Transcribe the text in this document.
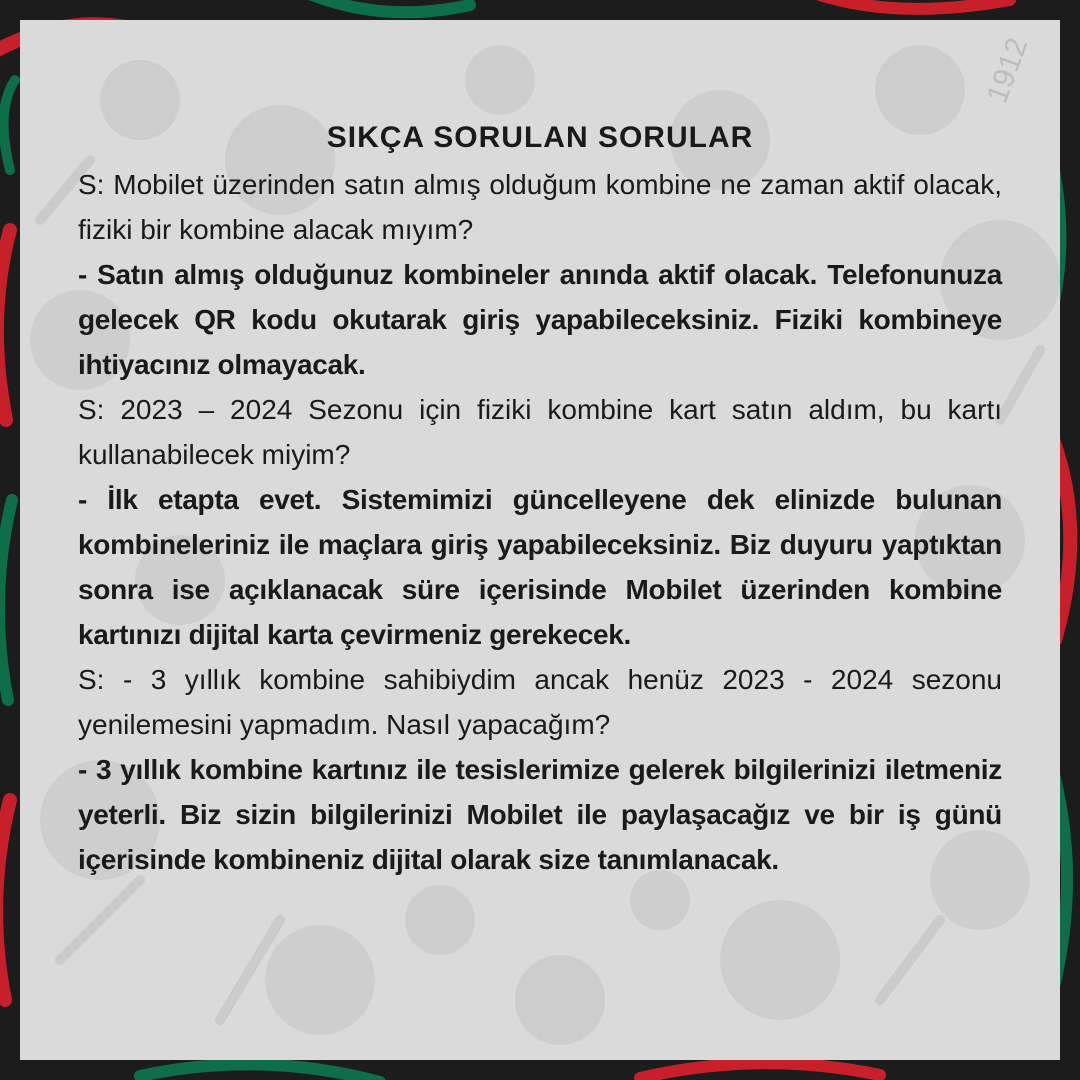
1912
SIKÇA SORULAN SORULAR

S: Mobilet üzerinden satın almış olduğum kombine ne zaman aktif olacak, fiziki bir kombine alacak mıyım?

- Satın almış olduğunuz kombineler anında aktif olacak. Telefonunuza gelecek QR kodu okutarak giriş yapabileceksiniz. Fiziki kombineye ihtiyacınız olmayacak.

S: 2023 – 2024 Sezonu için fiziki kombine kart satın aldım, bu kartı kullanabilecek miyim?

- İlk etapta evet. Sistemimizi güncelleyene dek elinizde bulunan kombineleriniz ile maçlara giriş yapabileceksiniz. Biz duyuru yaptıktan sonra ise açıklanacak süre içerisinde Mobilet üzerinden kombine kartınızı dijital karta çevirmeniz gerekecek.

S: - 3 yıllık kombine sahibiydim ancak henüz 2023 - 2024 sezonu yenilemesini yapmadım. Nasıl yapacağım?

- 3 yıllık kombine kartınız ile tesislerimize gelerek bilgilerinizi iletmeniz yeterli. Biz sizin bilgilerinizi Mobilet ile paylaşacağız ve bir iş günü içerisinde kombineniz dijital olarak size tanımlanacak.
